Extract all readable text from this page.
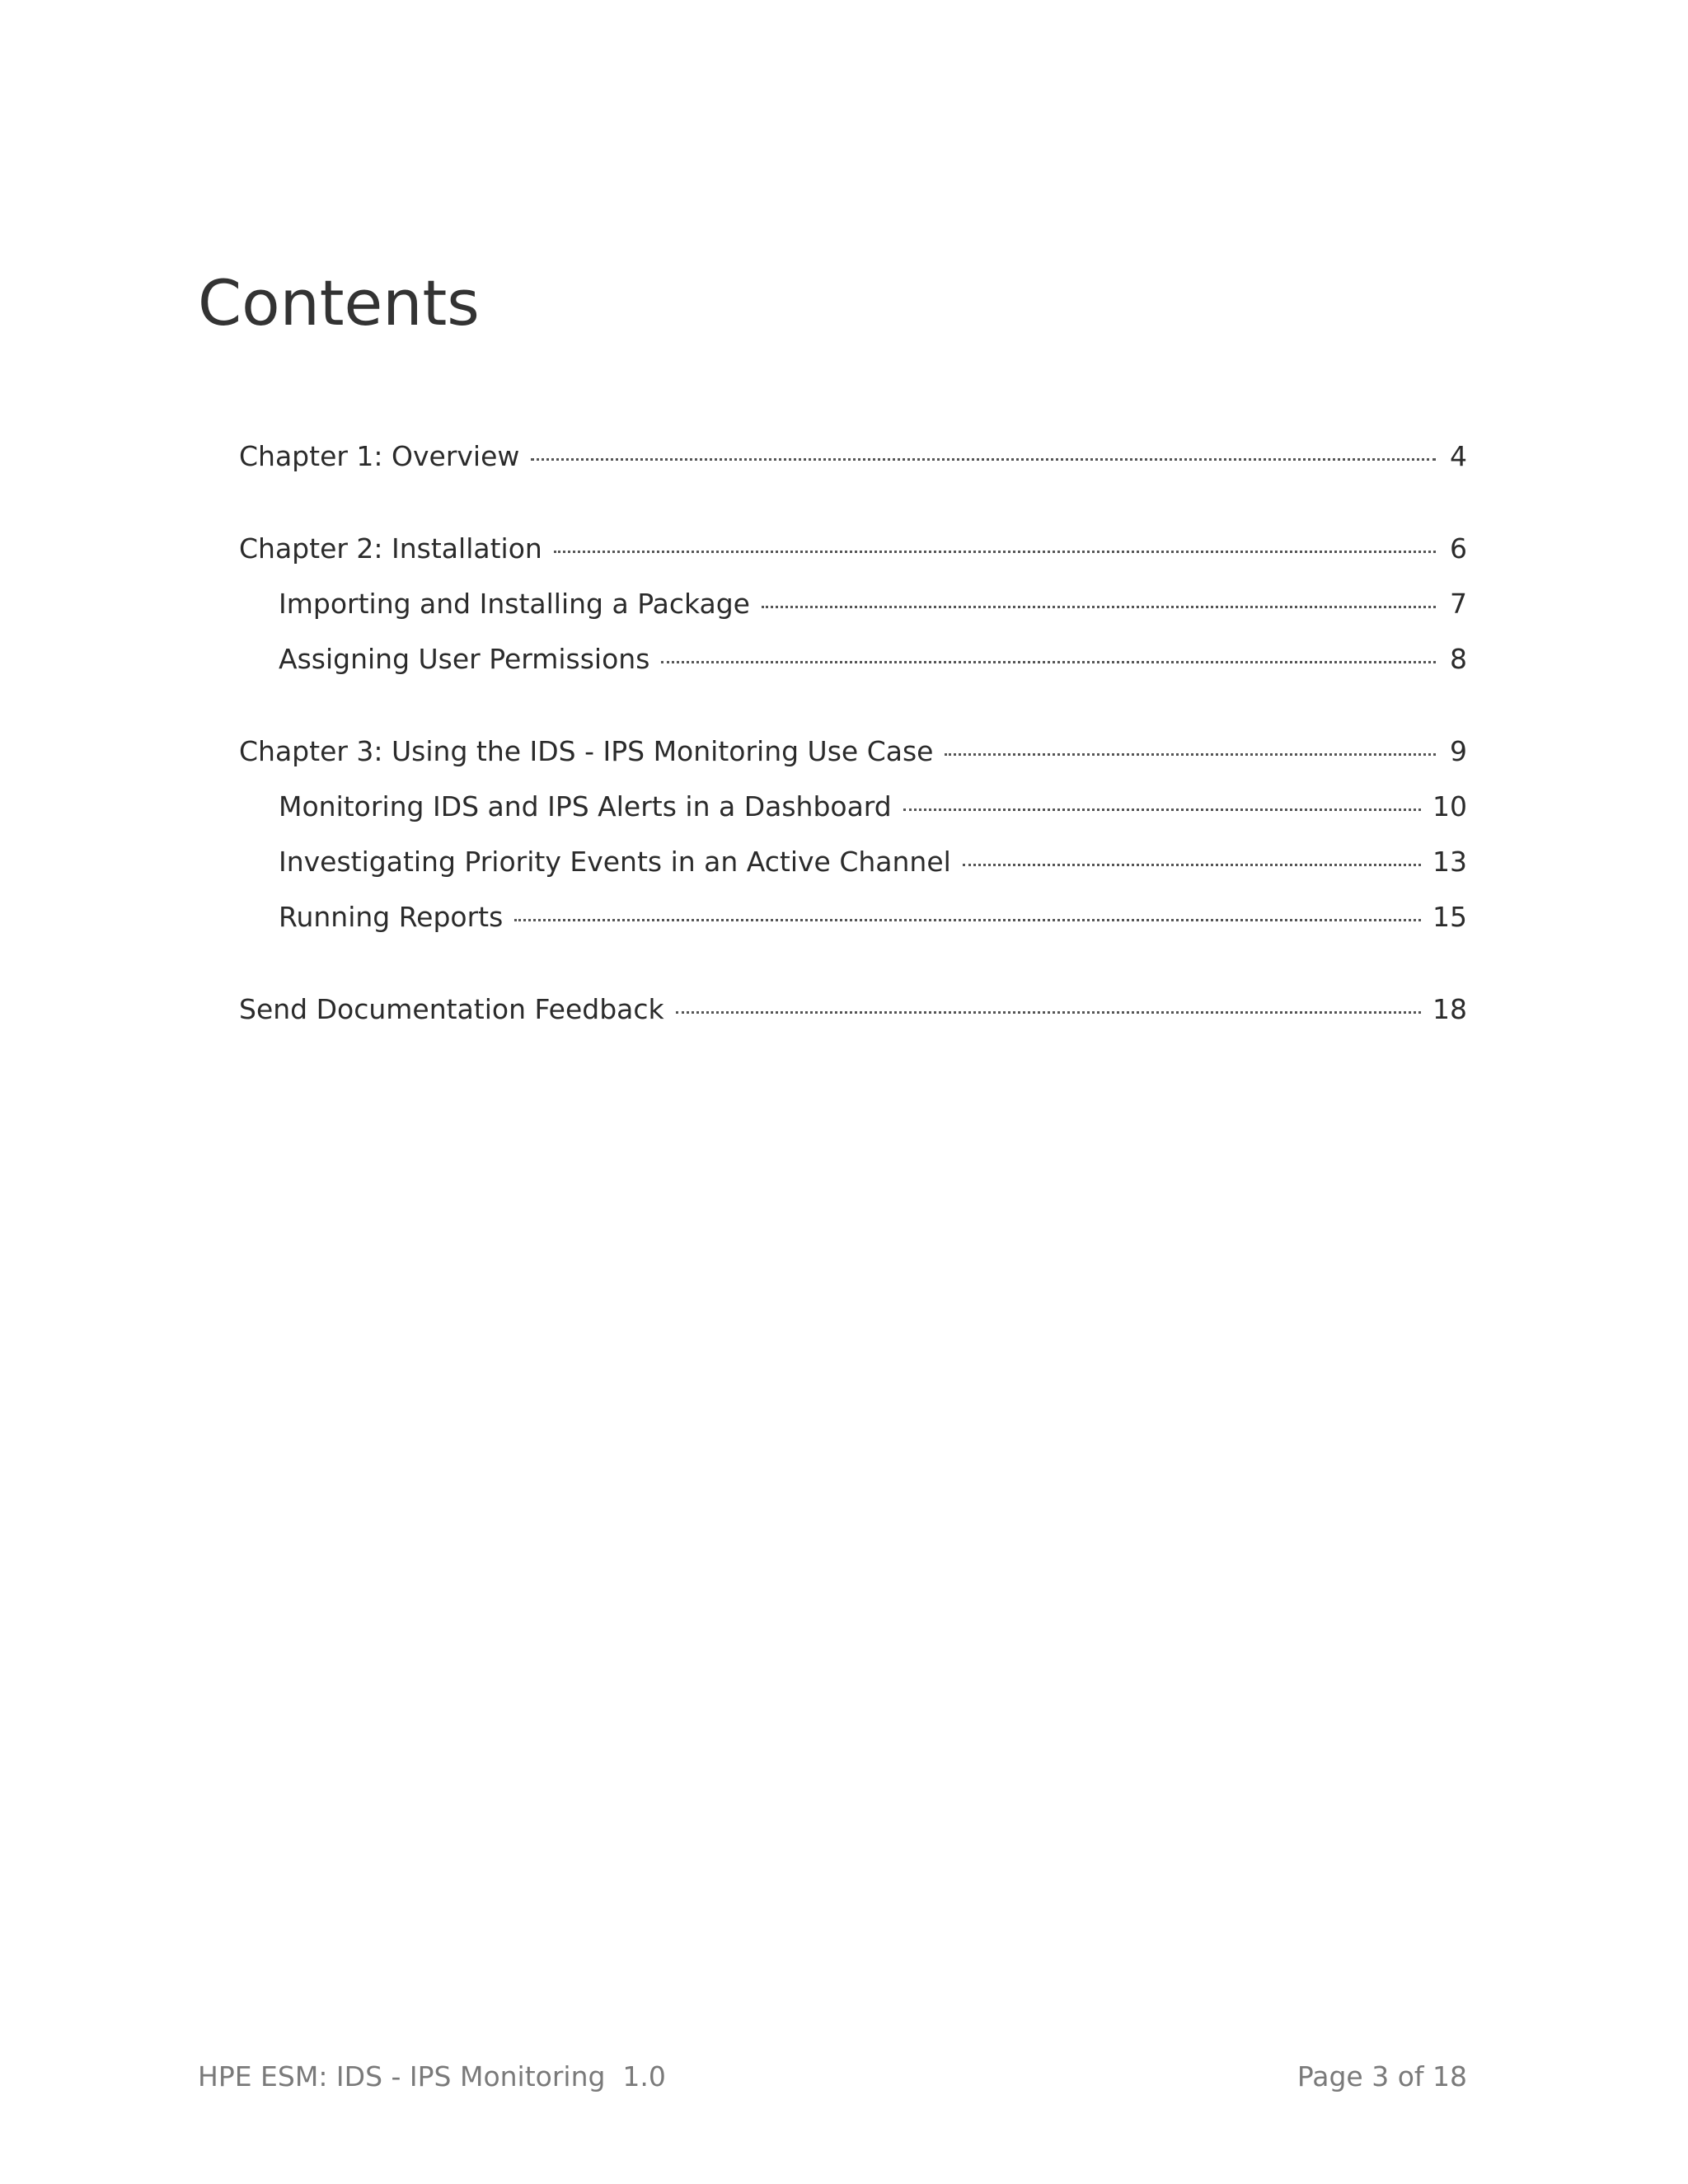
Contents
Chapter 1: Overview	4
Chapter 2: Installation	6
Importing and Installing a Package	7
Assigning User Permissions	8
Chapter 3: Using the IDS - IPS Monitoring Use Case	9
Monitoring IDS and IPS Alerts in a Dashboard	10
Investigating Priority Events in an Active Channel	13
Running Reports	15
Send Documentation Feedback	18
HPE ESM: IDS - IPS Monitoring  1.0	Page 3 of 18
